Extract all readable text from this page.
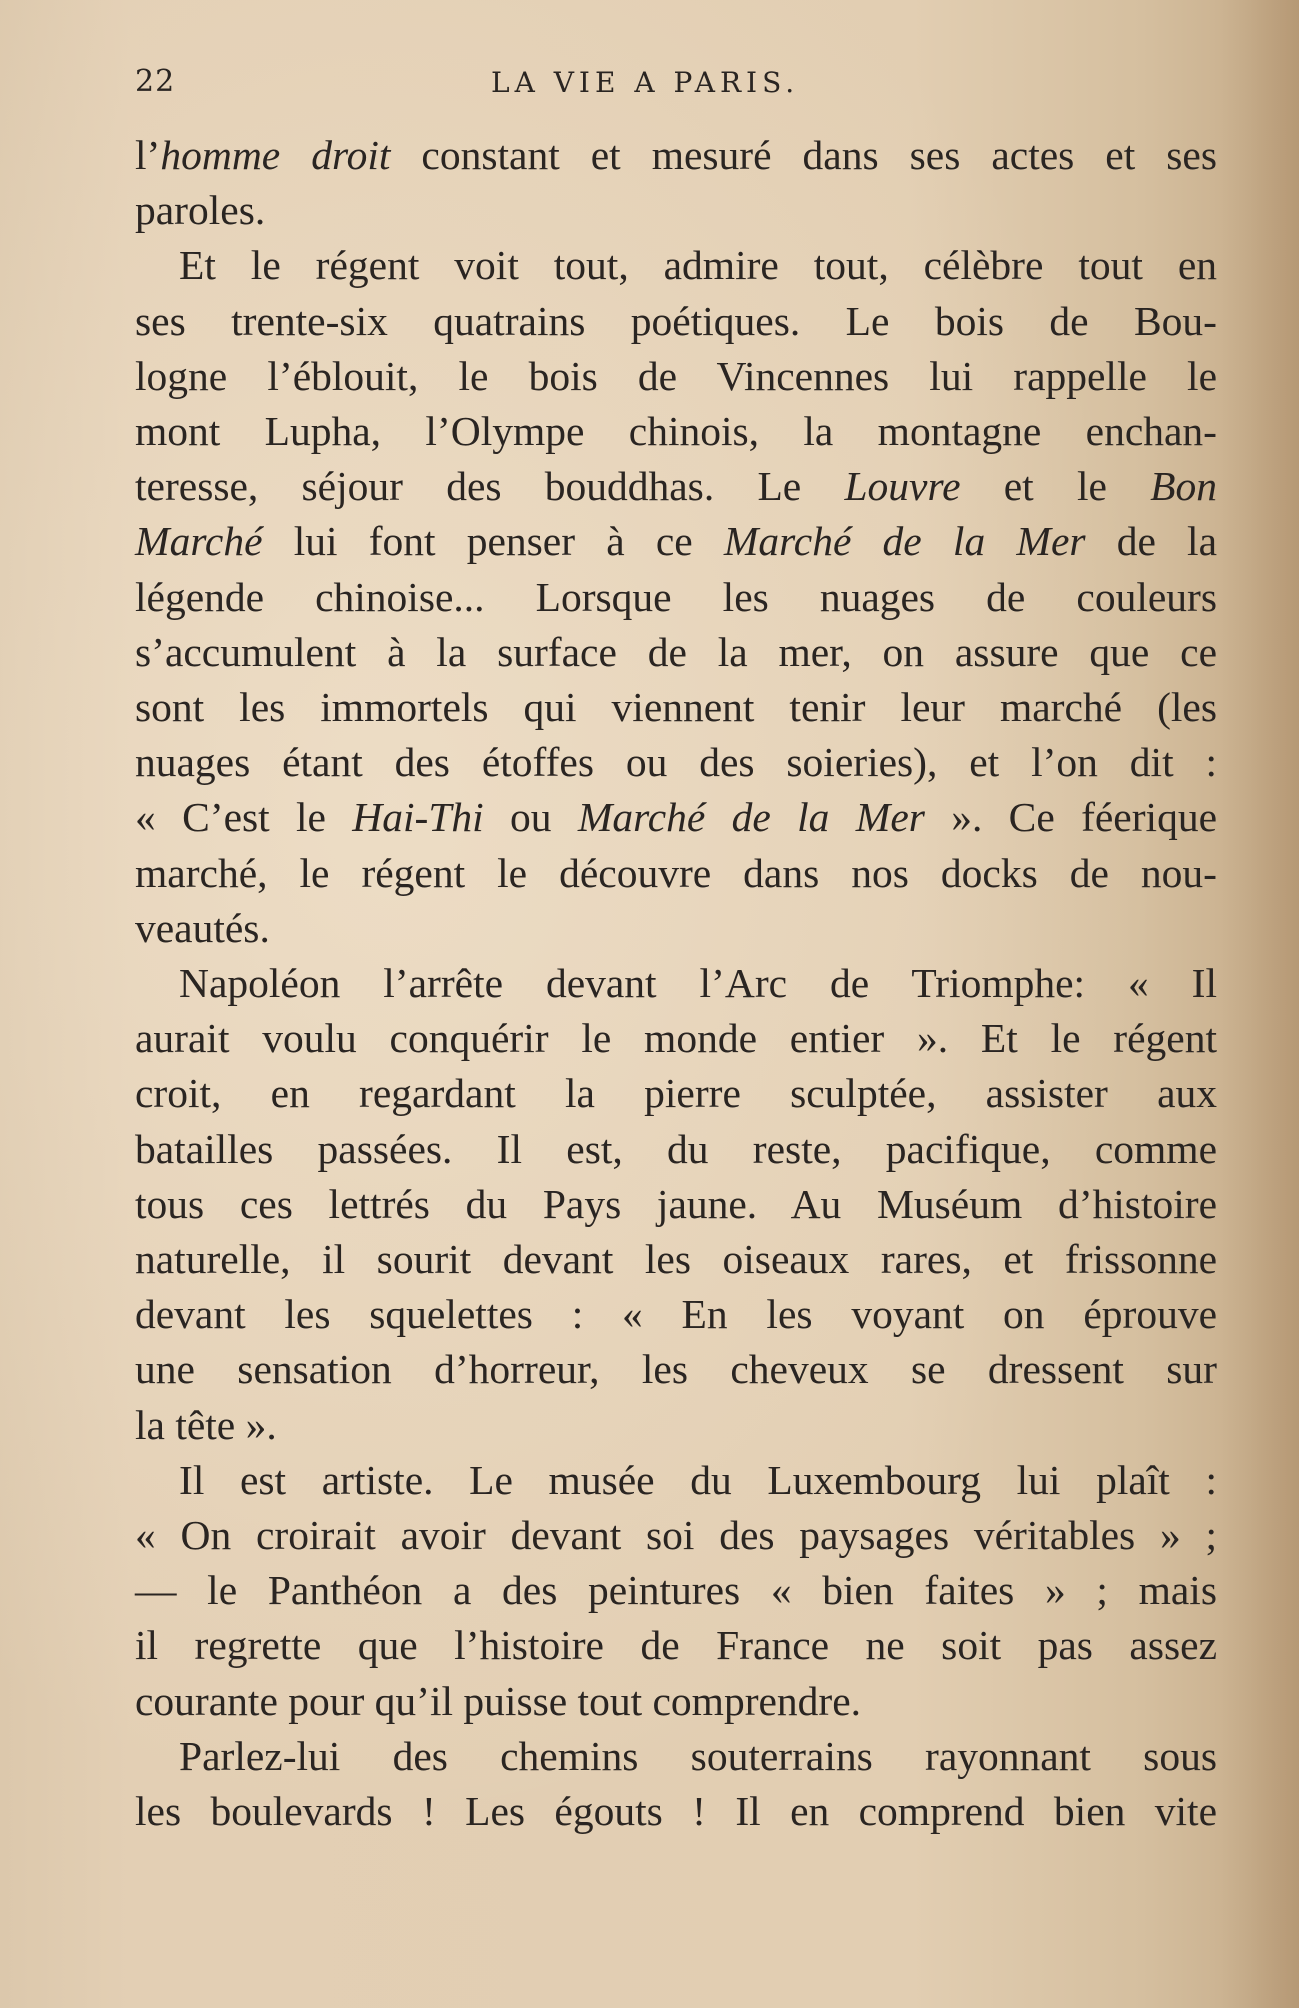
22	LA VIE A PARIS.
l’homme droit constant et mesuré dans ses actes et ses
paroles.
Et le régent voit tout, admire tout, célèbre tout en
ses trente-six quatrains poétiques. Le bois de Bou-
logne l’éblouit, le bois de Vincennes lui rappelle le
mont Lupha, l’Olympe chinois, la montagne enchan-
teresse, séjour des bouddhas. Le Louvre et le Bon
Marché lui font penser à ce Marché de la Mer de la
légende chinoise... Lorsque les nuages de couleurs
s’accumulent à la surface de la mer, on assure que ce
sont les immortels qui viennent tenir leur marché (les
nuages étant des étoffes ou des soieries), et l’on dit :
« C’est le Hai-Thi ou Marché de la Mer ». Ce féerique
marché, le régent le découvre dans nos docks de nou-
veautés.
Napoléon l’arrête devant l’Arc de Triomphe: « Il
aurait voulu conquérir le monde entier ». Et le régent
croit, en regardant la pierre sculptée, assister aux
batailles passées. Il est, du reste, pacifique, comme
tous ces lettrés du Pays jaune. Au Muséum d’histoire
naturelle, il sourit devant les oiseaux rares, et frissonne
devant les squelettes : « En les voyant on éprouve
une sensation d’horreur, les cheveux se dressent sur
la tête ».
Il est artiste. Le musée du Luxembourg lui plaît :
« On croirait avoir devant soi des paysages véritables » ;
— le Panthéon a des peintures « bien faites » ; mais
il regrette que l’histoire de France ne soit pas assez
courante pour qu’il puisse tout comprendre.
Parlez-lui des chemins souterrains rayonnant sous
les boulevards ! Les égouts ! Il en comprend bien vite
